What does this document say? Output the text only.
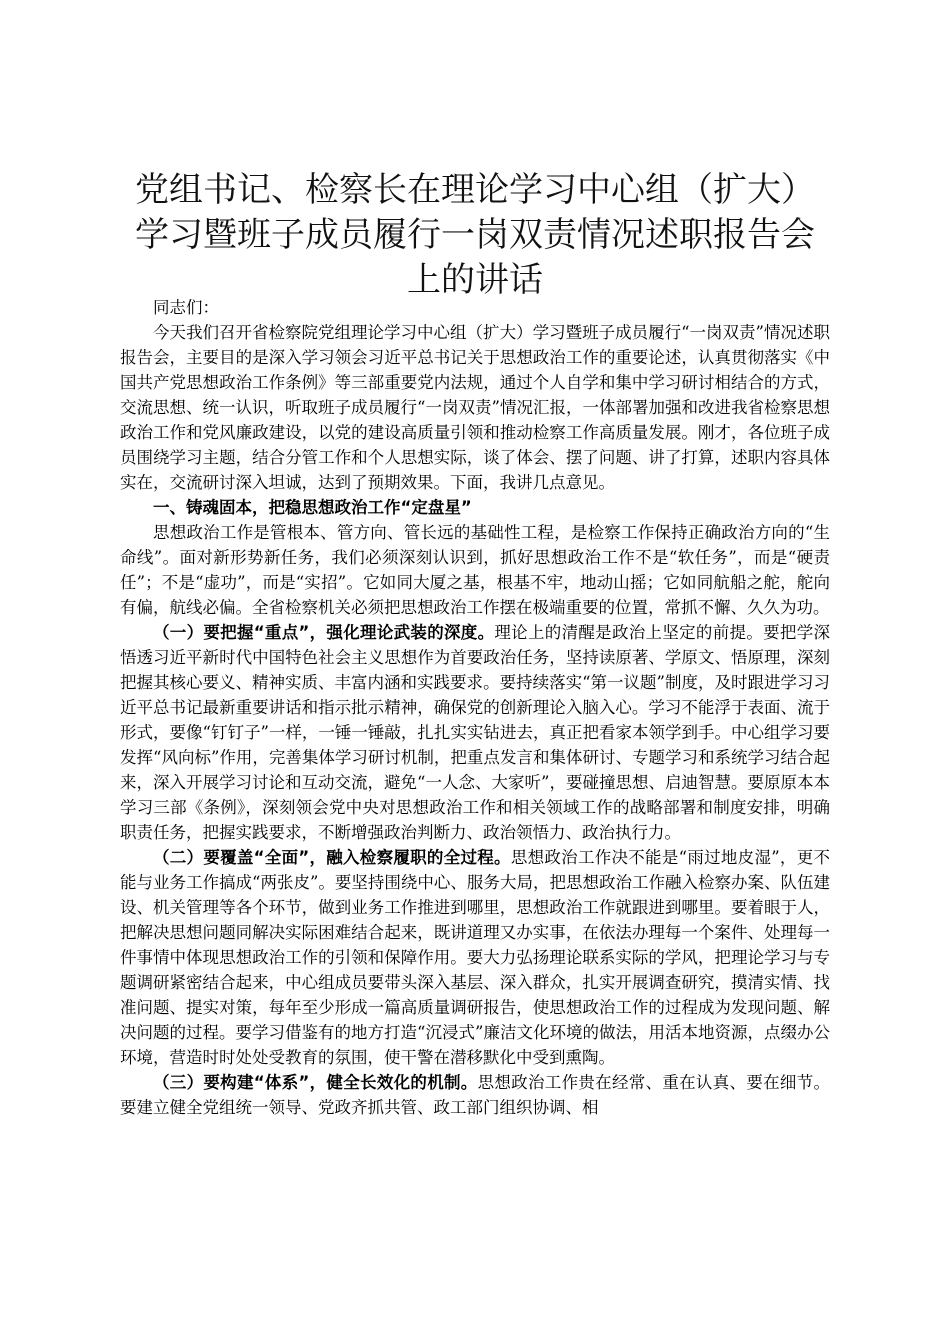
党组书记、检察长在理论学习中心组（扩大）学习暨班子成员履行一岗双责情况述职报告会上的讲话

同志们：

今天我们召开省检察院党组理论学习中心组（扩大）学习暨班子成员履行“一岗双责”情况述职报告会，主要目的是深入学习领会习近平总书记关于思想政治工作的重要论述，认真贯彻落实《中国共产党思想政治工作条例》等三部重要党内法规，通过个人自学和集中学习研讨相结合的方式，交流思想、统一认识，听取班子成员履行“一岗双责”情况汇报，一体部署加强和改进我省检察思想政治工作和党风廉政建设，以党的建设高质量引领和推动检察工作高质量发展。刚才，各位班子成员围绕学习主题，结合分管工作和个人思想实际，谈了体会、摆了问题、讲了打算，述职内容具体实在，交流研讨深入坦诚，达到了预期效果。下面，我讲几点意见。

一、铸魂固本，把稳思想政治工作“定盘星”

思想政治工作是管根本、管方向、管长远的基础性工程，是检察工作保持正确政治方向的“生命线”。面对新形势新任务，我们必须深刻认识到，抓好思想政治工作不是“软任务”，而是“硬责任”；不是“虚功”，而是“实招”。它如同大厦之基，根基不牢，地动山摇；它如同航船之舵，舵向有偏，航线必偏。全省检察机关必须把思想政治工作摆在极端重要的位置，常抓不懈、久久为功。

（一）要把握“重点”，强化理论武装的深度。理论上的清醒是政治上坚定的前提。要把学深悟透习近平新时代中国特色社会主义思想作为首要政治任务，坚持读原著、学原文、悟原理，深刻把握其核心要义、精神实质、丰富内涵和实践要求。要持续落实“第一议题”制度，及时跟进学习习近平总书记最新重要讲话和指示批示精神，确保党的创新理论入脑入心。学习不能浮于表面、流于形式，要像“钉钉子”一样，一锤一锤敲，扎扎实实钻进去，真正把看家本领学到手。中心组学习要发挥“风向标”作用，完善集体学习研讨机制，把重点发言和集体研讨、专题学习和系统学习结合起来，深入开展学习讨论和互动交流，避免“一人念、大家听”，要碰撞思想、启迪智慧。要原原本本学习三部《条例》，深刻领会党中央对思想政治工作和相关领域工作的战略部署和制度安排，明确职责任务，把握实践要求，不断增强政治判断力、政治领悟力、政治执行力。

（二）要覆盖“全面”，融入检察履职的全过程。思想政治工作决不能是“雨过地皮湿”，更不能与业务工作搞成“两张皮”。要坚持围绕中心、服务大局，把思想政治工作融入检察办案、队伍建设、机关管理等各个环节，做到业务工作推进到哪里，思想政治工作就跟进到哪里。要着眼于人，把解决思想问题同解决实际困难结合起来，既讲道理又办实事，在依法办理每一个案件、处理每一件事情中体现思想政治工作的引领和保障作用。要大力弘扬理论联系实际的学风，把理论学习与专题调研紧密结合起来，中心组成员要带头深入基层、深入群众，扎实开展调查研究，摸清实情、找准问题、提实对策，每年至少形成一篇高质量调研报告，使思想政治工作的过程成为发现问题、解决问题的过程。要学习借鉴有的地方打造“沉浸式”廉洁文化环境的做法，用活本地资源，点缀办公环境，营造时时处处受教育的氛围，使干警在潜移默化中受到熏陶。

（三）要构建“体系”，健全长效化的机制。思想政治工作贵在经常、重在认真、要在细节。要建立健全党组统一领导、党政齐抓共管、政工部门组织协调、相
